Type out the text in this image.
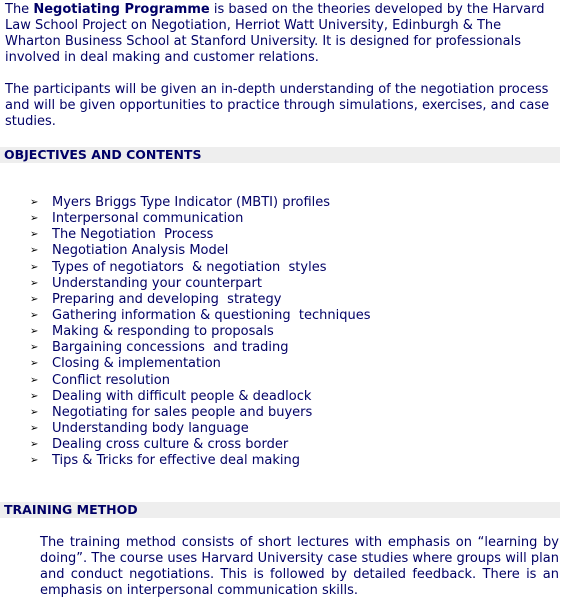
The Negotiating Programme is based on the theories developed by the Harvard Law School Project on Negotiation, Herriot Watt University, Edinburgh & The Wharton Business School at Stanford University. It is designed for professionals involved in deal making and customer relations.
The participants will be given an in-depth understanding of the negotiation process and will be given opportunities to practice through simulations, exercises, and case studies.
OBJECTIVES AND CONTENTS
➢	Myers Briggs Type Indicator (MBTI) profiles
➢	Interpersonal communication
➢	The Negotiation  Process
➢	Negotiation Analysis Model
➢	Types of negotiators  & negotiation  styles
➢	Understanding your counterpart
➢	Preparing and developing  strategy
➢	Gathering information & questioning  techniques
➢	Making & responding to proposals
➢	Bargaining concessions  and trading
➢	Closing & implementation
➢	Conflict resolution
➢	Dealing with difficult people & deadlock
➢	Negotiating for sales people and buyers
➢	Understanding body language
➢	Dealing cross culture & cross border
➢	Tips & Tricks for effective deal making
TRAINING METHOD
The training method consists of short lectures with emphasis on “learning by doing”. The course uses Harvard University case studies where groups will plan and conduct negotiations. This is followed by detailed feedback. There is an emphasis on interpersonal communication skills.
